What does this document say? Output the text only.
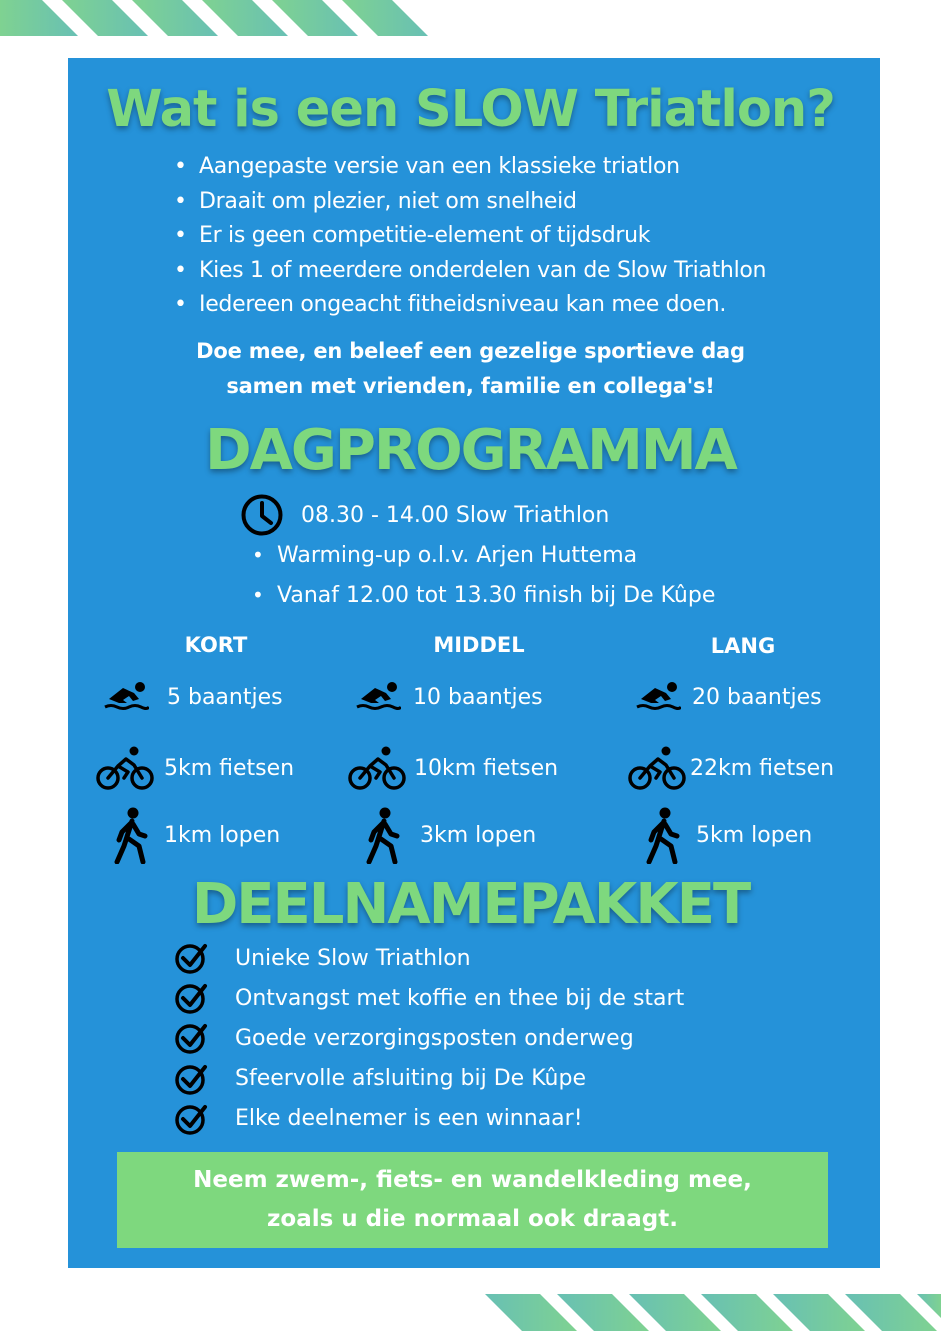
Wat is een SLOW Triatlon?
• Aangepaste versie van een klassieke triatlon
• Draait om plezier, niet om snelheid
• Er is geen competitie-element of tijdsdruk
• Kies 1 of meerdere onderdelen van de Slow Triathlon
• Iedereen ongeacht fitheidsniveau kan mee doen.
Doe mee, en beleef een gezelige sportieve dag
samen met vrienden, familie en collega's!
DAGPROGRAMMA
08.30 - 14.00 Slow Triathlon
• Warming-up o.l.v. Arjen Huttema
• Vanaf 12.00 tot 13.30 finish bij De Kûpe
KORT
5 baantjes
5km fietsen
1km lopen
MIDDEL
10 baantjes
10km fietsen
3km lopen
LANG
20 baantjes
22km fietsen
5km lopen
DEELNAMEPAKKET
Unieke Slow Triathlon
Ontvangst met koffie en thee bij de start
Goede verzorgingsposten onderweg
Sfeervolle afsluiting bij De Kûpe
Elke deelnemer is een winnaar!
Neem zwem-, fiets- en wandelkleding mee,
zoals u die normaal ook draagt.
